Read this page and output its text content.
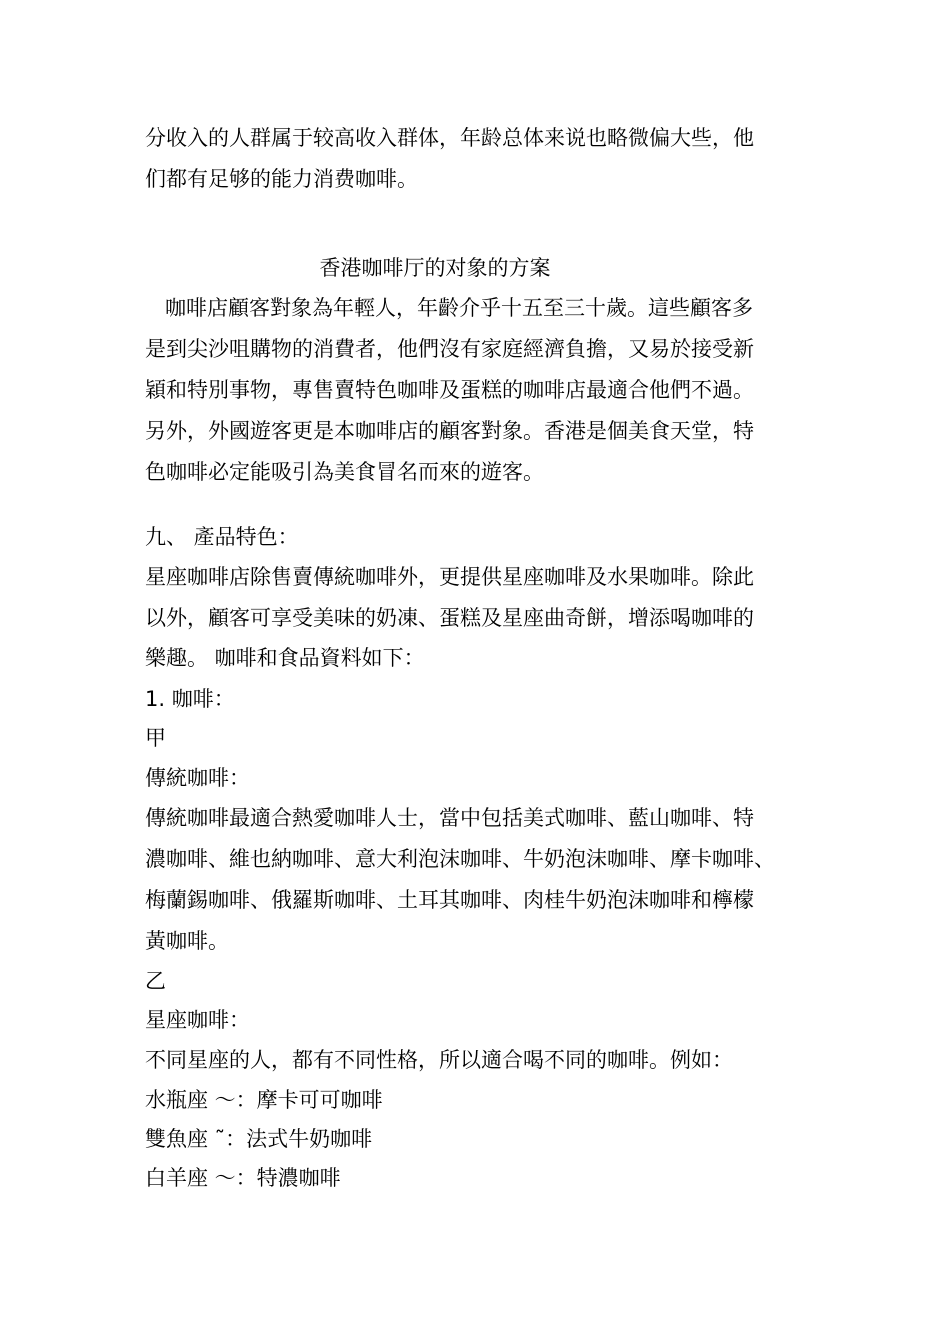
分收入的人群属于较高收入群体，年龄总体来说也略微偏大些，他
们都有足够的能力消费咖啡。
香港咖啡厅的对象的方案
咖啡店顧客對象為年輕人，年齡介乎十五至三十歲。這些顧客多
是到尖沙咀購物的消費者，他們沒有家庭經濟負擔，又易於接受新
穎和特別事物，專售賣特色咖啡及蛋糕的咖啡店最適合他們不過。
另外，外國遊客更是本咖啡店的顧客對象。香港是個美食天堂，特
色咖啡必定能吸引為美食冒名而來的遊客。
九、 產品特色：
星座咖啡店除售賣傳統咖啡外，更提供星座咖啡及水果咖啡。除此
以外，顧客可享受美味的奶凍、蛋糕及星座曲奇餅，增添喝咖啡的
樂趣。 咖啡和食品資料如下：
1. 咖啡：
甲
傳統咖啡：
傳統咖啡最適合熱愛咖啡人士，當中包括美式咖啡、藍山咖啡、特
濃咖啡、維也納咖啡、意大利泡沫咖啡、牛奶泡沫咖啡、摩卡咖啡、
梅蘭錫咖啡、俄羅斯咖啡、土耳其咖啡、肉桂牛奶泡沫咖啡和檸檬
黃咖啡。
乙
星座咖啡：
不同星座的人，都有不同性格，所以適合喝不同的咖啡。例如：
水瓶座 ～：摩卡可可咖啡
雙魚座 ˜：法式牛奶咖啡
白羊座 ～：特濃咖啡
